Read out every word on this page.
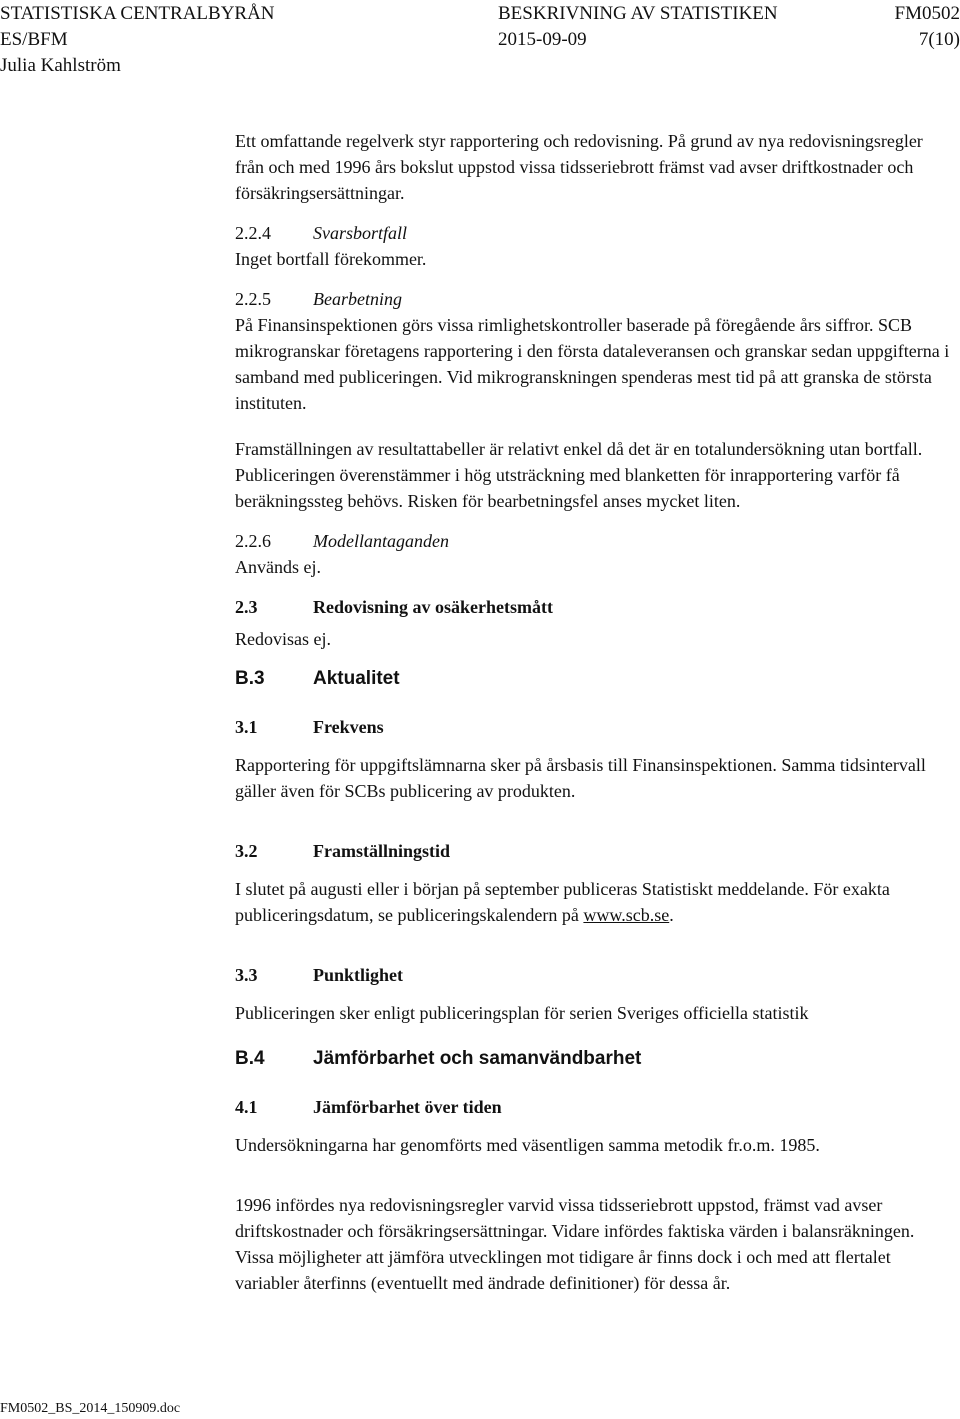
STATISTISKA CENTRALBYRÅN	BESKRIVNING AV STATISTIKEN	FM0502
ES/BFM	2015-09-09	7(10)
Julia Kahlström

Ett omfattande regelverk styr rapportering och redovisning. På grund av nya redovisningsregler från och med 1996 års bokslut uppstod vissa tidsseriebrott främst vad avser driftkostnader och försäkringsersättningar.

2.2.4 Svarsbortfall

Inget bortfall förekommer.

2.2.5 Bearbetning

På Finansinspektionen görs vissa rimlighetskontroller baserade på föregående års siffror. SCB mikrogranskar företagens rapportering i den första dataleveransen och granskar sedan uppgifterna i samband med publiceringen. Vid mikrogranskningen spenderas mest tid på att granska de största instituten.

Framställningen av resultattabeller är relativt enkel då det är en totalundersökning utan bortfall. Publiceringen överenstämmer i hög utsträckning med blanketten för inrapportering varför få beräkningssteg behövs. Risken för bearbetningsfel anses mycket liten.

2.2.6 Modellantaganden

Används ej.

2.3	Redovisning av osäkerhetsmått

Redovisas ej.

B.3	Aktualitet

3.1	Frekvens

Rapportering för uppgiftslämnarna sker på årsbasis till Finansinspektionen. Samma tidsintervall gäller även för SCBs publicering av produkten.

3.2	Framställningstid

I slutet på augusti eller i början på september publiceras Statistiskt meddelande. För exakta publiceringsdatum, se publiceringskalendern på www.scb.se.

3.3	Punktlighet

Publiceringen sker enligt publiceringsplan för serien Sveriges officiella statistik

B.4	Jämförbarhet och samanvändbarhet

4.1	Jämförbarhet över tiden

Undersökningarna har genomförts med väsentligen samma metodik fr.o.m. 1985.

1996 infördes nya redovisningsregler varvid vissa tidsseriebrott uppstod, främst vad avser driftskostnader och försäkringsersättningar. Vidare infördes faktiska värden i balansräkningen. Vissa möjligheter att jämföra utvecklingen mot tidigare år finns dock i och med att flertalet variabler återfinns (eventuellt med ändrade definitioner) för dessa år.

FM0502_BS_2014_150909.doc
